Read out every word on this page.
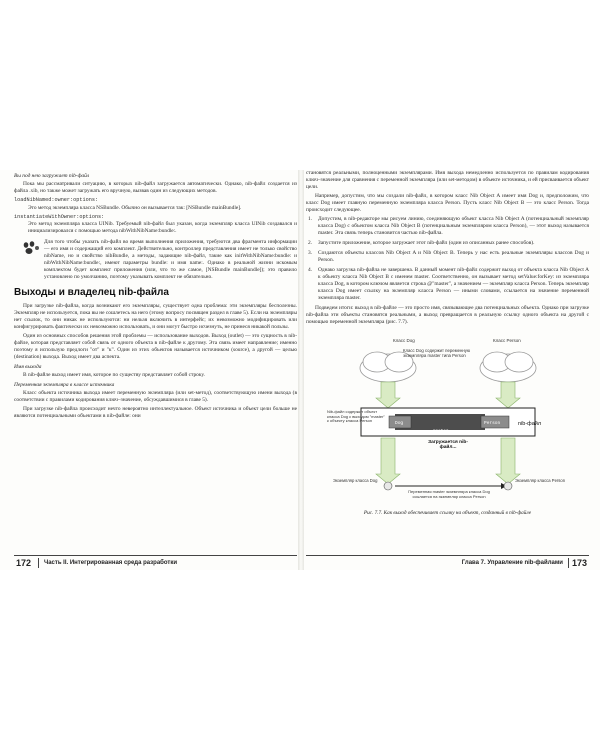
Вы под нею загружает nib-файл
Пока мы рассматривали ситуацию, в которых nib-файл загружается автоматически. Однако, nib-файл создается из файла .xib, но также может загружать его вручную, вызвав один из следующих методов.
loadNibNamed:owner:options:
Это метод экземпляра класса NSBundle. Обычно он вызывается так: [NSBundle mainBundle].
instantiateWithOwner:options:
Это метод экземпляра класса UINib. Требуемый nib-файл был указан, когда экземпляр класса UINib создавался и инициализировался с помощью метода nibWithNibName:bundle:.
Для того чтобы указать nib-файл во время выполнения приложения, требуются два фрагмента информации — его имя и содержащий его комплект. Действительно, контроллер представления имеет не только свойство nibName, но и свойство nibBundle, а методы, задающие nib-файл, такие как initWithNibName:bundle: и nibWithNibName:bundle:, имеют параметры bundle: и имя name:. Однако в реальной жизни искомым комплектом будет комплект приложения (или, что то же самое, [NSBundle mainBundle]); это правило установлено по умолчанию, поэтому указывать комплект не обязательно.
Выходы и владелец nib-файла
При загрузке nib-файла, когда возникают его экземпляры, существует одна проблема: эти экземпляры бесполезны. Экземпляр не используется, пока вы не сошлетесь на него (этому вопросу посвящен раздел в главе 5). Если на экземпляры нет ссылок, то они никак не используются: ни нельзя включить в интерфейс; их невозможно модифицировать или конфигурировать фактически их невозможно использовать, и они могут быстро исчезнуть, не принеся никакой пользы.
Один из основных способов решения этой проблемы — использование выходов. Выход (outlet) — это сущность в nib-файле, которая представляет собой связь от одного объекта в nib-файле к другому. Эта связь имеет направление; именно поэтому я использую предлоги "от" и "к". Один из этих объектов называется источником (source), а другой — целью (destination) выхода. Выход имеет два аспекта.
Имя выхода
В nib-файле выход имеет имя, которое по существу представляет собой строку.
Переменная экземпляра в классе источника
Класс объекта источника выхода имеет переменную экземпляра (или set-метод), соответствующую имени выхода (в соответствии с правилами кодирования ключ–значение, обсуждавшимися в главе 5).
При загрузке nib-файла происходит нечто невероятно интеллектуальное. Объект источника и объект цели больше не являются потенциальными объектами в nib-файле: они
172 Часть II. Интегрированная среда разработки
становятся реальными, полноценными экземплярами. Имя выхода немедленно используется по правилам кодирования ключ–значение для сравнения с переменной экземпляра (или set-методом) в объекте источника, и ей присваивается объект цели.
Например, допустим, что мы создали nib-файл, в котором класс Nib Object A имеет имя Dog и, предположим, что класс Dog имеет главную переменную экземпляра класса Person. Пусть класс Nib Object B — это класс Person. Тогда происходит следующее.
1. Допустим, в nib-редакторе мы рисуем линию, соединяющую объект класса Nib Object A (потенциальный экземпляр класса Dog) с объектом класса Nib Object B (потенциальным экземпляром класса Person), — этот выход называется master. Эта связь теперь становится частью nib-файла.
2. Запустите приложение, которое загружает этот nib-файл (один из описанных ранее способов).
3. Создаются объекты классов Nib Object A и Nib Object B. Теперь у нас есть реальные экземпляры классов Dog и Person.
4. Однако загрузка nib-файла не завершена. В данный момент nib-файл содержит выход от объекта класса Nib Object A к объекту класса Nib Object B с именем master. Соответственно, он вызывает метод setValue:forKey: из экземпляра класса Dog, в котором ключом является строка @"master", а значением — экземпляр класса Person. Теперь экземпляр класса Dog имеет ссылку на экземпляр класса Person — иными словами, ссылается на значение переменной экземпляра master.
Подведем итоги: выход в nib-файле — это просто имя, связывающее два потенциальных объекта. Однако при загрузке nib-файла эти объекты становятся реальными, а выход превращается в реальную ссылку одного объекта на другой с помощью переменной экземпляра (рис. 7.7).
Класс Dog	Класс Person
Класс Dog содержит переменную экземпляра master типа Person
nib-файл
Nib-файл содержит объект класса Dog с выходом "master" к объекту класса Person
Dog	Person
master
Загружается nib-файл...
Экземпляр класса Dog	Экземпляр класса Person
Переменная master экземпляра класса Dog ссылается на экземпляр класса Person
Рис. 7.7. Как выход обеспечивает ссылку на объект, созданный в nib-файле
Глава 7. Управление nib-файлами 173
